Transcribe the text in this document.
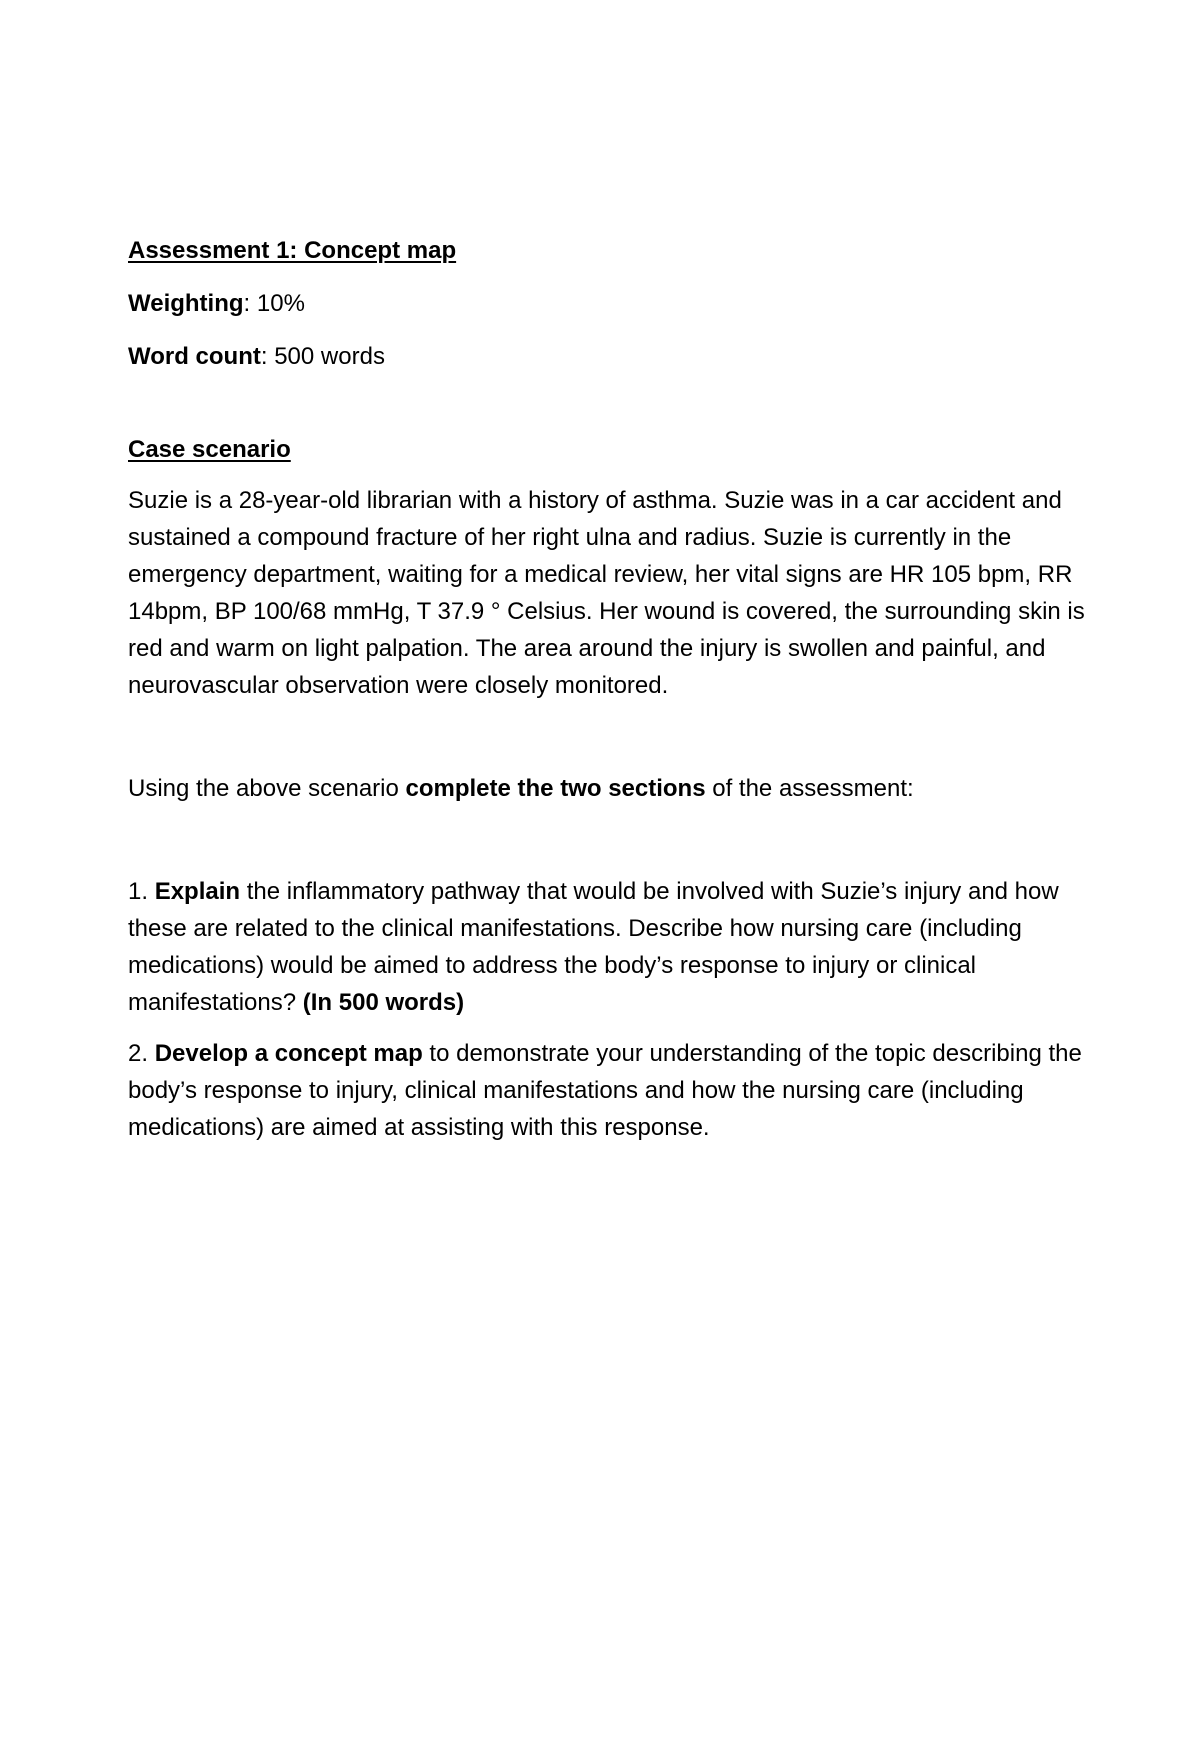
Assessment 1: Concept map

Weighting: 10%

Word count: 500 words

Case scenario

Suzie is a 28-year-old librarian with a history of asthma. Suzie was in a car accident and sustained a compound fracture of her right ulna and radius. Suzie is currently in the emergency department, waiting for a medical review, her vital signs are HR 105 bpm, RR 14bpm, BP 100/68 mmHg, T 37.9 ° Celsius. Her wound is covered, the surrounding skin is red and warm on light palpation. The area around the injury is swollen and painful, and neurovascular observation were closely monitored.

Using the above scenario complete the two sections of the assessment:

1. Explain the inflammatory pathway that would be involved with Suzie’s injury and how these are related to the clinical manifestations. Describe how nursing care (including medications) would be aimed to address the body’s response to injury or clinical manifestations? (In 500 words)

2. Develop a concept map to demonstrate your understanding of the topic describing the body’s response to injury, clinical manifestations and how the nursing care (including medications) are aimed at assisting with this response.
